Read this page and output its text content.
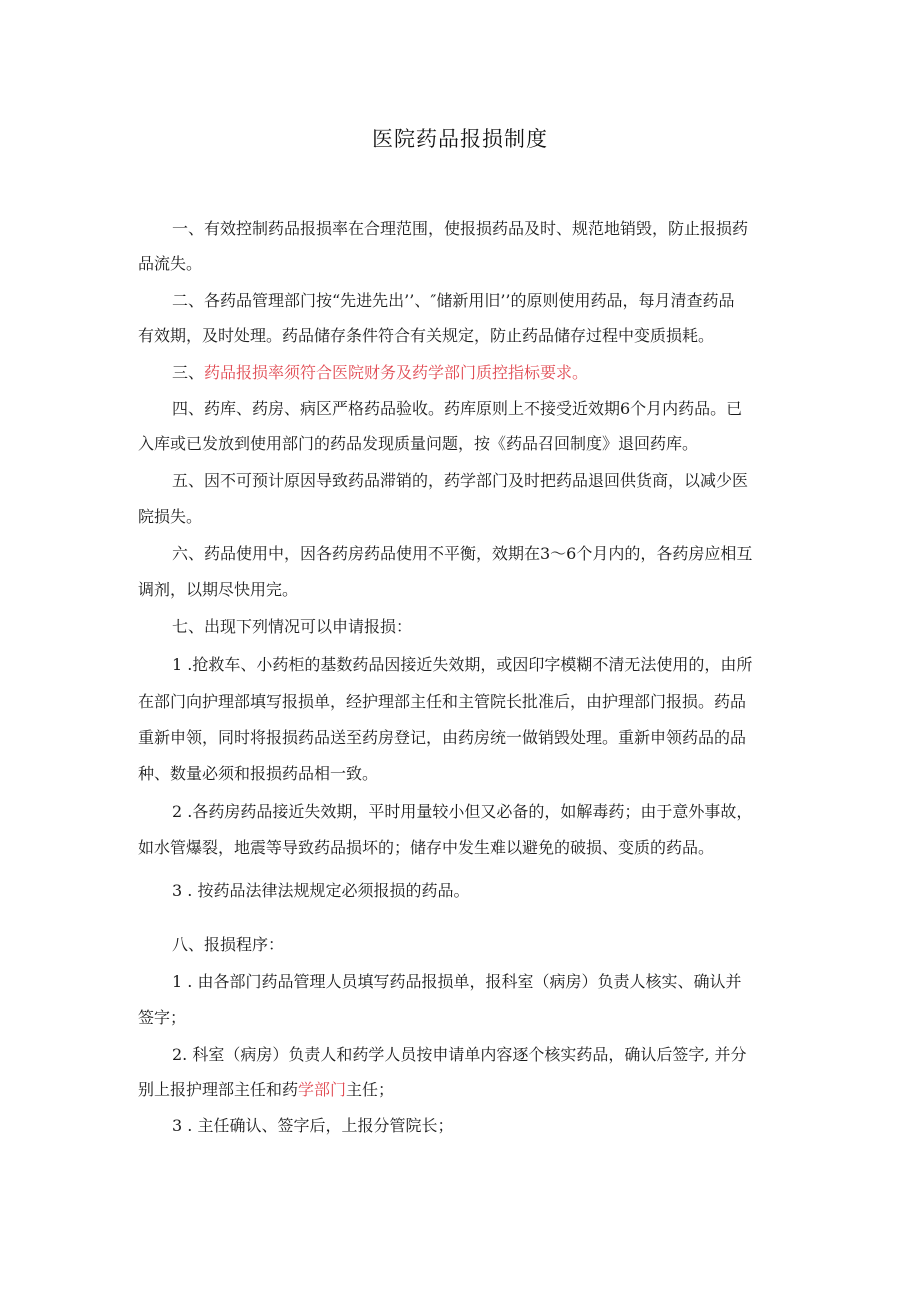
医院药品报损制度
一、有效控制药品报损率在合理范围，使报损药品及时、规范地销毁，防止报损药
品流失。
二、各药品管理部门按“先进先出’’、″储新用旧’’的原则使用药品，每月清查药品
有效期，及时处理。药品储存条件符合有关规定，防止药品储存过程中变质损耗。
三、药品报损率须符合医院财务及药学部门质控指标要求。
四、药库、药房、病区严格药品验收。药库原则上不接受近效期6个月内药品。已
入库或已发放到使用部门的药品发现质量问题，按《药品召回制度》退回药库。
五、因不可预计原因导致药品滞销的，药学部门及时把药品退回供货商，以减少医
院损失。
六、药品使用中，因各药房药品使用不平衡，效期在3～6个月内的，各药房应相互
调剂，以期尽快用完。
七、出现下列情况可以申请报损：
1 .抢救车、小药柜的基数药品因接近失效期，或因印字模糊不清无法使用的，由所
在部门向护理部填写报损单，经护理部主任和主管院长批准后，由护理部门报损。药品
重新申领，同时将报损药品送至药房登记，由药房统一做销毁处理。重新申领药品的品
种、数量必须和报损药品相一致。
2 .各药房药品接近失效期，平时用量较小但又必备的，如解毒药；由于意外事故，
如水管爆裂，地震等导致药品损坏的；储存中发生难以避免的破损、变质的药品。
3 . 按药品法律法规规定必须报损的药品。
八、报损程序：
1 . 由各部门药品管理人员填写药品报损单，报科室（病房）负责人核实、确认并
签字；
2. 科室（病房）负责人和药学人员按申请单内容逐个核实药品，确认后签字, 并分
别上报护理部主任和药学部门主任；
3 . 主任确认、签字后，上报分管院长；
